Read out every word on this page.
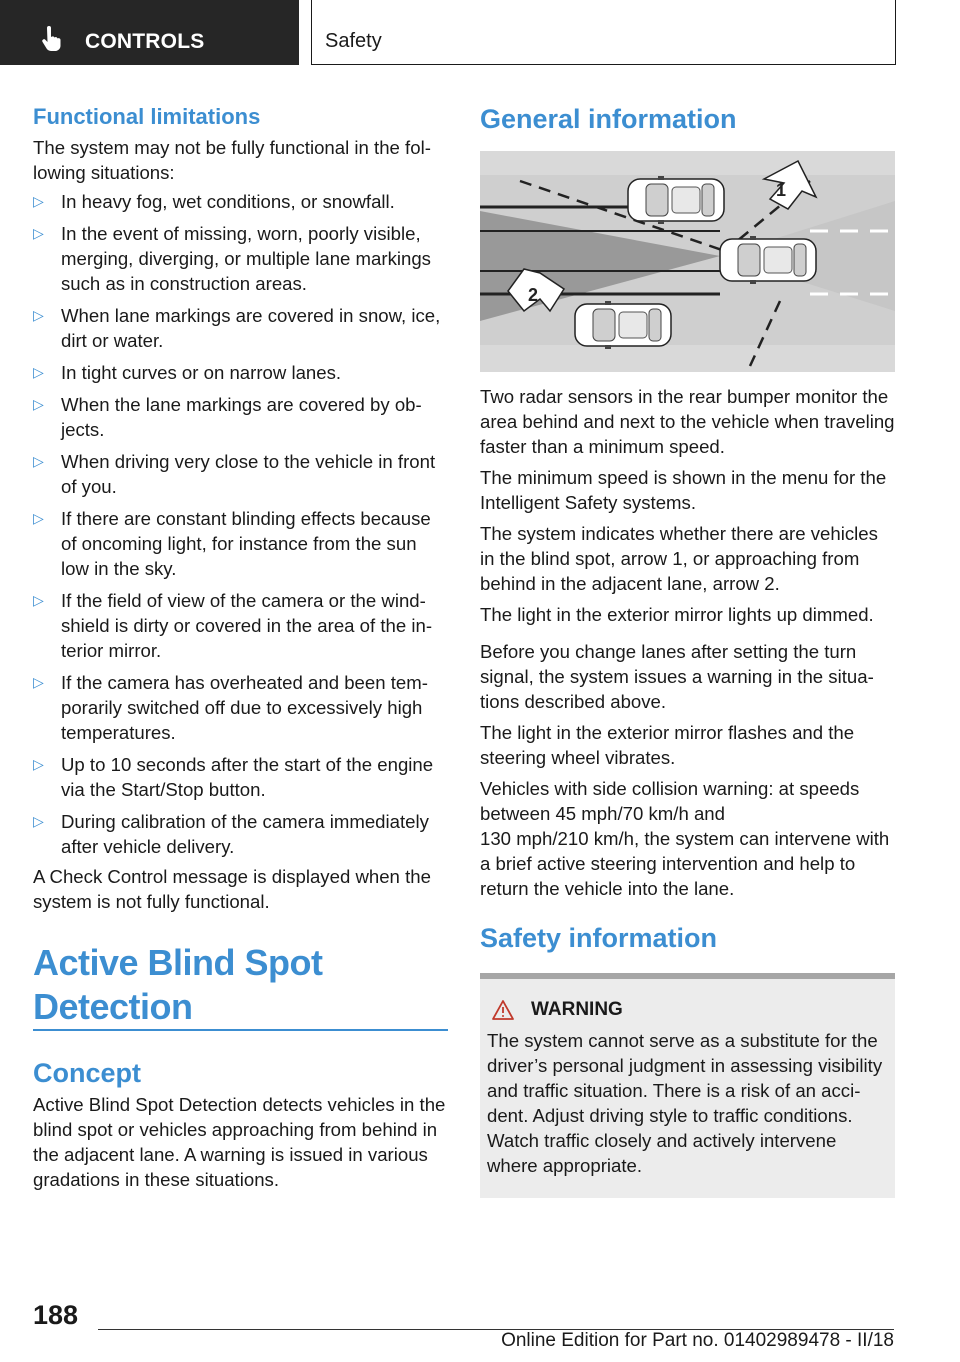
CONTROLS	Safety
Functional limitations

The system may not be fully functional in the following situations:

▷ In heavy fog, wet conditions, or snowfall.
▷ In the event of missing, worn, poorly visible, merging, diverging, or multiple lane markings such as in construction areas.
▷ When lane markings are covered in snow, ice, dirt or water.
▷ In tight curves or on narrow lanes.
▷ When the lane markings are covered by objects.
▷ When driving very close to the vehicle in front of you.
▷ If there are constant blinding effects because of oncoming light, for instance from the sun low in the sky.
▷ If the field of view of the camera or the windshield is dirty or covered in the area of the interior mirror.
▷ If the camera has overheated and been temporarily switched off due to excessively high temperatures.
▷ Up to 10 seconds after the start of the engine via the Start/Stop button.
▷ During calibration of the camera immediately after vehicle delivery.

A Check Control message is displayed when the system is not fully functional.

Active Blind Spot Detection
Concept

Active Blind Spot Detection detects vehicles in the blind spot or vehicles approaching from behind in the adjacent lane. A warning is issued in various gradations in these situations.

General information
1
2

Two radar sensors in the rear bumper monitor the area behind and next to the vehicle when traveling faster than a minimum speed.

The minimum speed is shown in the menu for the Intelligent Safety systems.

The system indicates whether there are vehicles in the blind spot, arrow 1, or approaching from behind in the adjacent lane, arrow 2.

The light in the exterior mirror lights up dimmed.

Before you change lanes after setting the turn signal, the system issues a warning in the situations described above.

The light in the exterior mirror flashes and the steering wheel vibrates.

Vehicles with side collision warning: at speeds between 45 mph/70 km/h and
130 mph/210 km/h, the system can intervene with a brief active steering intervention and help to return the vehicle into the lane.

Safety information
WARNING

The system cannot serve as a substitute for the driver’s personal judgment in assessing visibility and traffic situation. There is a risk of an accident. Adjust driving style to traffic conditions. Watch traffic closely and actively intervene where appropriate.

188
Online Edition for Part no. 01402989478 - II/18
